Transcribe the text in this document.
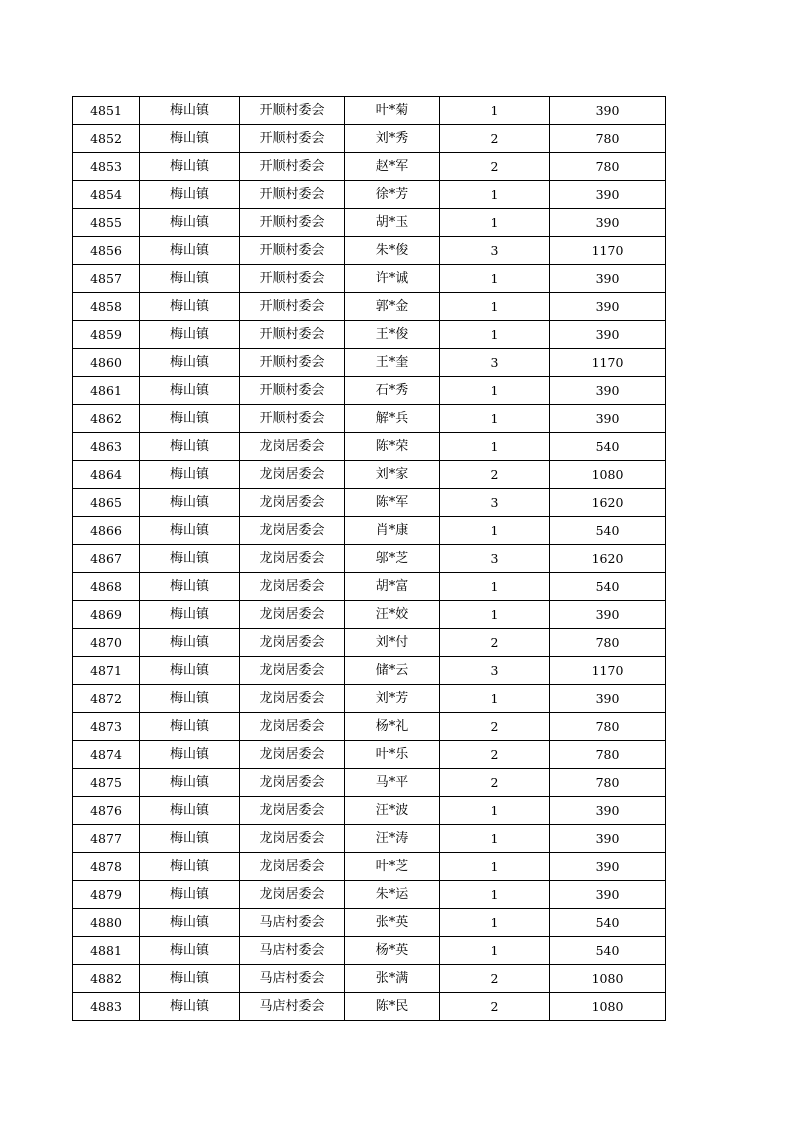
4851	梅山镇	开顺村委会	叶*菊	1	390
4852	梅山镇	开顺村委会	刘*秀	2	780
4853	梅山镇	开顺村委会	赵*军	2	780
4854	梅山镇	开顺村委会	徐*芳	1	390
4855	梅山镇	开顺村委会	胡*玉	1	390
4856	梅山镇	开顺村委会	朱*俊	3	1170
4857	梅山镇	开顺村委会	许*诚	1	390
4858	梅山镇	开顺村委会	郭*金	1	390
4859	梅山镇	开顺村委会	王*俊	1	390
4860	梅山镇	开顺村委会	王*奎	3	1170
4861	梅山镇	开顺村委会	石*秀	1	390
4862	梅山镇	开顺村委会	解*兵	1	390
4863	梅山镇	龙岗居委会	陈*荣	1	540
4864	梅山镇	龙岗居委会	刘*家	2	1080
4865	梅山镇	龙岗居委会	陈*军	3	1620
4866	梅山镇	龙岗居委会	肖*康	1	540
4867	梅山镇	龙岗居委会	邬*芝	3	1620
4868	梅山镇	龙岗居委会	胡*富	1	540
4869	梅山镇	龙岗居委会	汪*姣	1	390
4870	梅山镇	龙岗居委会	刘*付	2	780
4871	梅山镇	龙岗居委会	储*云	3	1170
4872	梅山镇	龙岗居委会	刘*芳	1	390
4873	梅山镇	龙岗居委会	杨*礼	2	780
4874	梅山镇	龙岗居委会	叶*乐	2	780
4875	梅山镇	龙岗居委会	马*平	2	780
4876	梅山镇	龙岗居委会	汪*波	1	390
4877	梅山镇	龙岗居委会	汪*涛	1	390
4878	梅山镇	龙岗居委会	叶*芝	1	390
4879	梅山镇	龙岗居委会	朱*运	1	390
4880	梅山镇	马店村委会	张*英	1	540
4881	梅山镇	马店村委会	杨*英	1	540
4882	梅山镇	马店村委会	张*满	2	1080
4883	梅山镇	马店村委会	陈*民	2	1080
